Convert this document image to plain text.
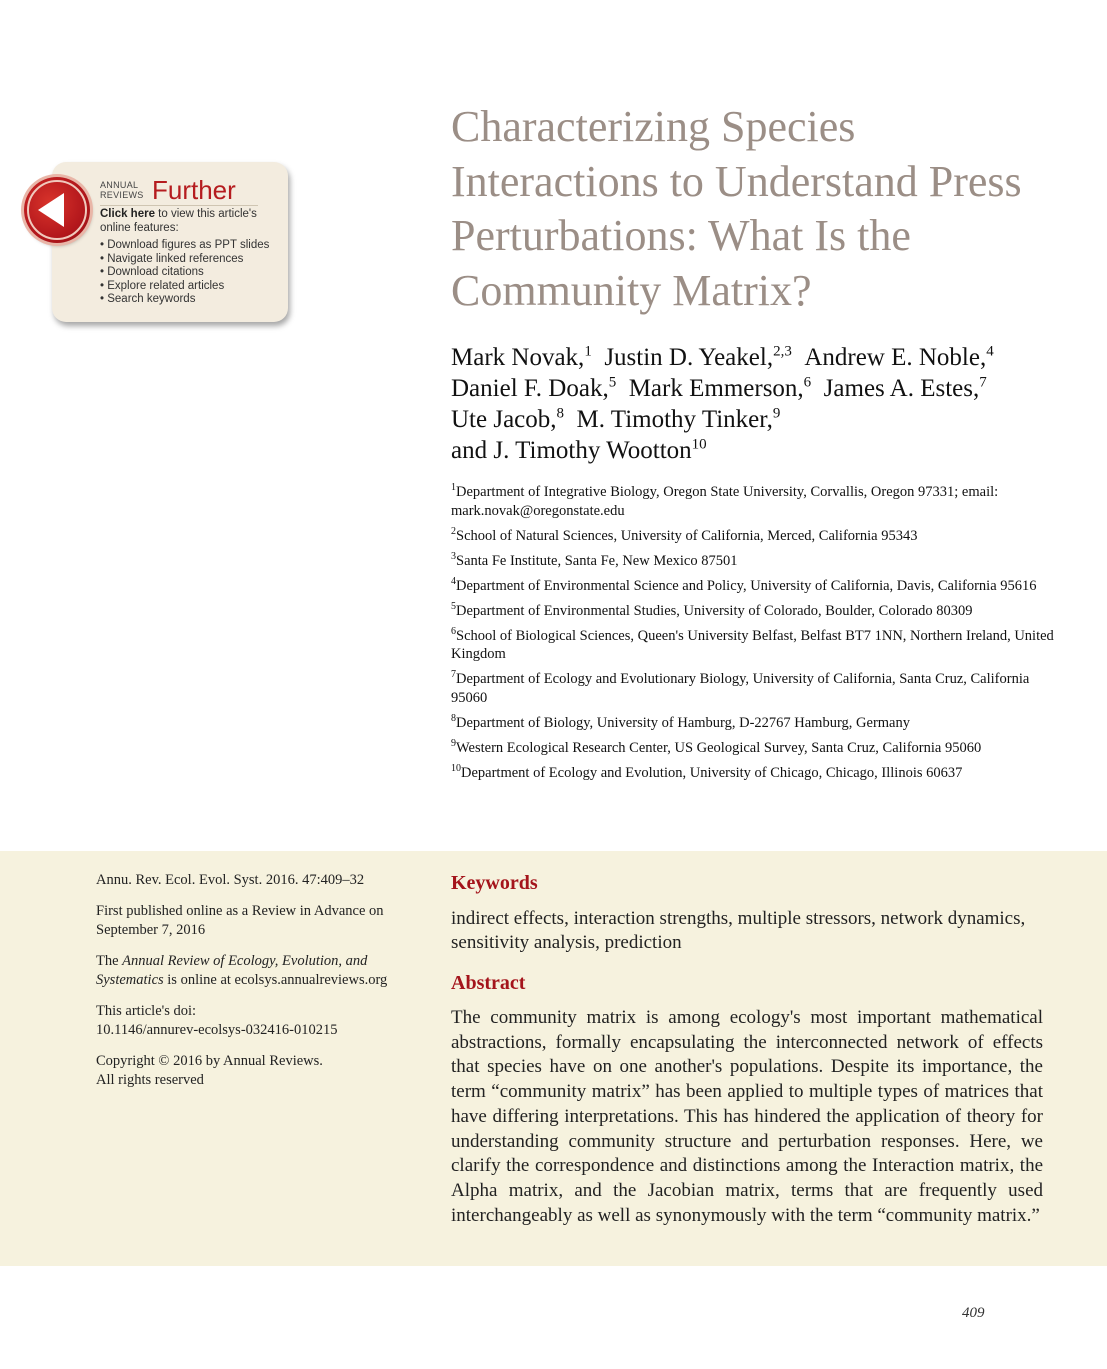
ANNUAL
REVIEWS Further
Click here to view this article's online features:
• Download figures as PPT slides
• Navigate linked references
• Download citations
• Explore related articles
• Search keywords
Characterizing Species Interactions to Understand Press Perturbations: What Is the Community Matrix?
Mark Novak,$^1$  Justin D. Yeakel,$^{2,3}$  Andrew E. Noble,$^4$
Daniel F. Doak,$^5$  Mark Emmerson,$^6$  James A. Estes,$^7$
Ute Jacob,$^8$  M. Timothy Tinker,$^9$
and J. Timothy Wootton$^{10}$
$^1$Department of Integrative Biology, Oregon State University, Corvallis, Oregon 97331; email: mark.novak@oregonstate.edu
$^2$School of Natural Sciences, University of California, Merced, California 95343
$^3$Santa Fe Institute, Santa Fe, New Mexico 87501
$^4$Department of Environmental Science and Policy, University of California, Davis, California 95616
$^5$Department of Environmental Studies, University of Colorado, Boulder, Colorado 80309
$^6$School of Biological Sciences, Queen's University Belfast, Belfast BT7 1NN, Northern Ireland, United Kingdom
$^7$Department of Ecology and Evolutionary Biology, University of California, Santa Cruz, California 95060
$^8$Department of Biology, University of Hamburg, D-22767 Hamburg, Germany
$^9$Western Ecological Research Center, US Geological Survey, Santa Cruz, California 95060
$^{10}$Department of Ecology and Evolution, University of Chicago, Chicago, Illinois 60637

Annu. Rev. Ecol. Evol. Syst. 2016. 47:409–32

First published online as a Review in Advance on September 7, 2016

The Annual Review of Ecology, Evolution, and Systematics is online at ecolsys.annualreviews.org

This article's doi:
10.1146/annurev-ecolsys-032416-010215

Copyright © 2016 by Annual Reviews.
All rights reserved

Keywords
indirect effects, interaction strengths, multiple stressors, network dynamics, sensitivity analysis, prediction
Abstract

The community matrix is among ecology's most important mathematical abstractions, formally encapsulating the interconnected network of effects that species have on one another's populations. Despite its importance, the term “community matrix” has been applied to multiple types of matrices that have differing interpretations. This has hindered the application of theory for understanding community structure and perturbation responses. Here, we clarify the correspondence and distinctions among the Interaction matrix, the Alpha matrix, and the Jacobian matrix, terms that are frequently used interchangeably as well as synonymously with the term “community matrix.”

409
